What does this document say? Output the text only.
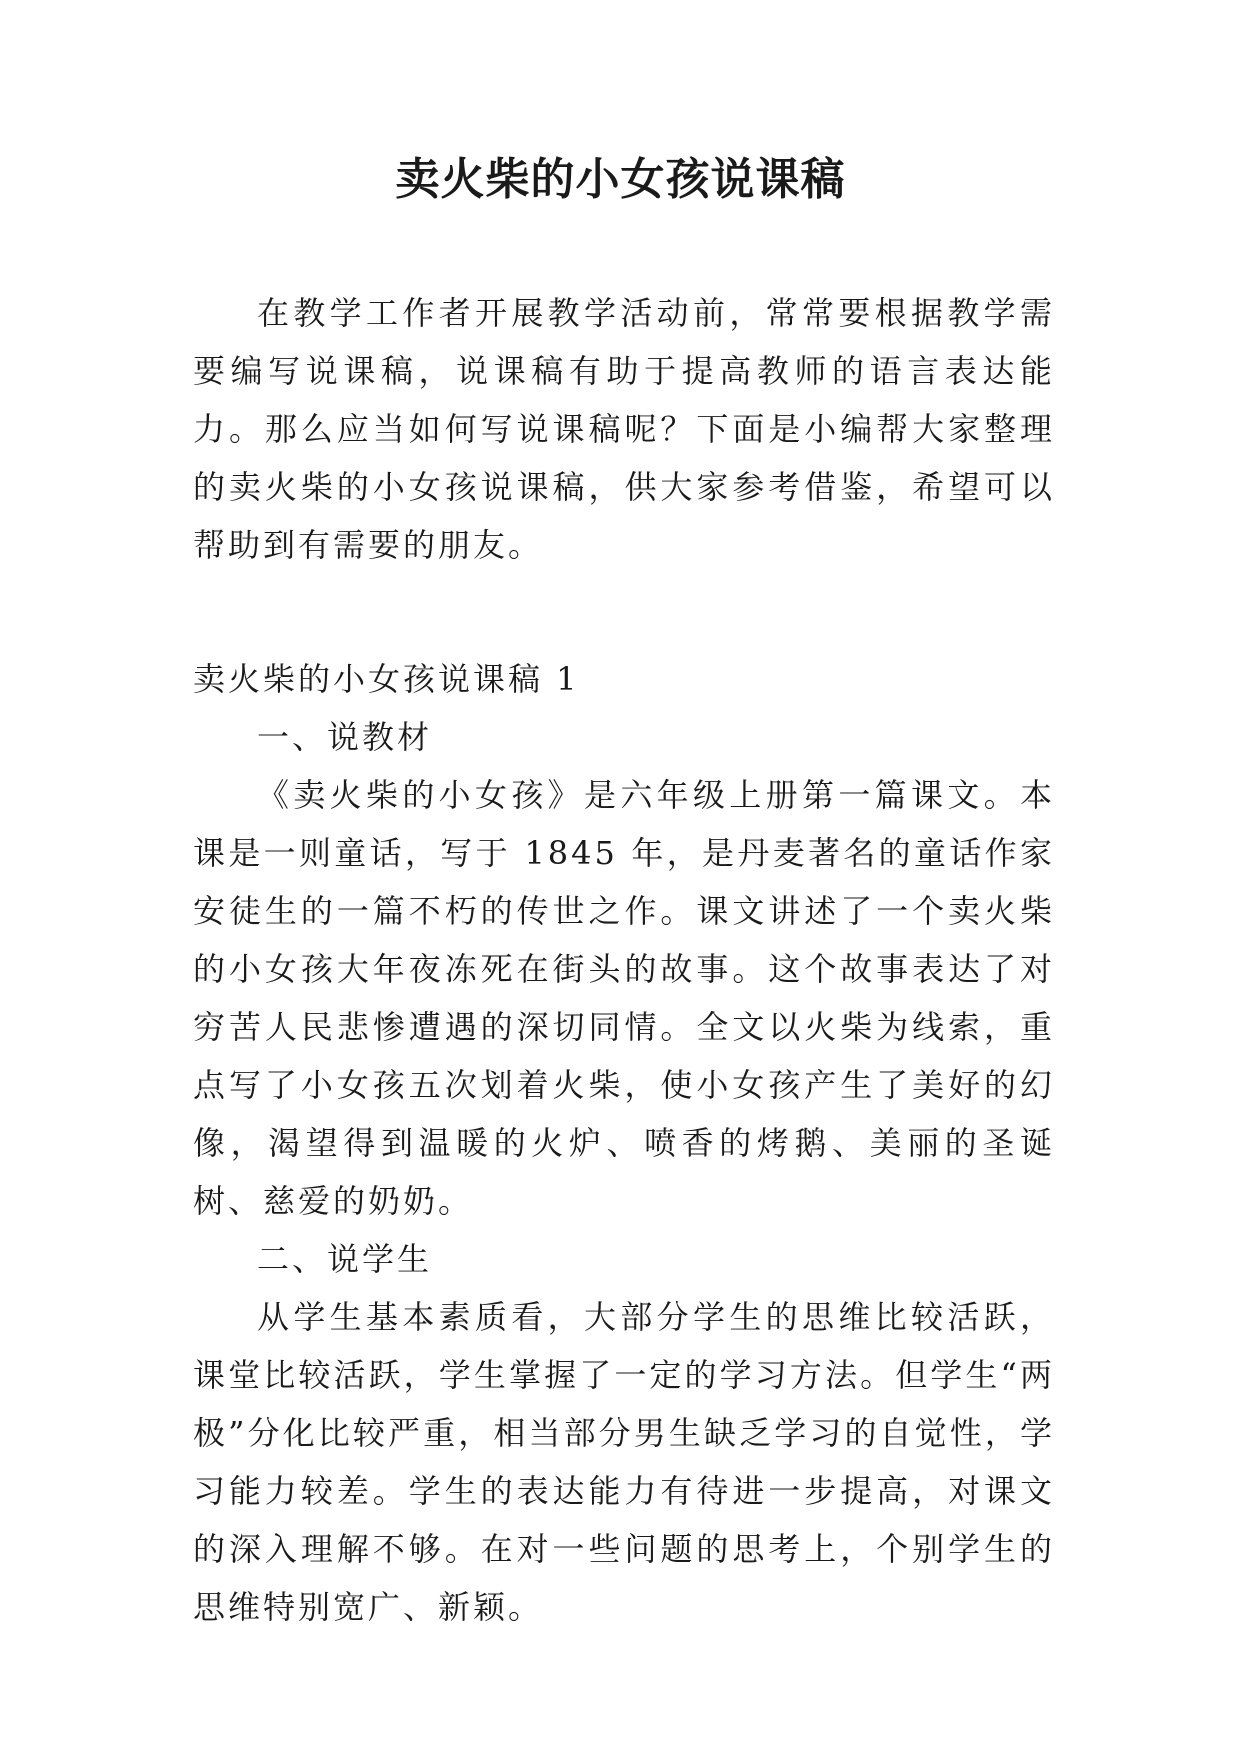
卖火柴的小女孩说课稿

在教学工作者开展教学活动前，常常要根据教学需要编写说课稿，说课稿有助于提高教师的语言表达能力。那么应当如何写说课稿呢？下面是小编帮大家整理的卖火柴的小女孩说课稿，供大家参考借鉴，希望可以帮助到有需要的朋友。

卖火柴的小女孩说课稿 1

一、说教材

《卖火柴的小女孩》是六年级上册第一篇课文。本课是一则童话，写于 1845 年，是丹麦著名的童话作家安徒生的一篇不朽的传世之作。课文讲述了一个卖火柴的小女孩大年夜冻死在街头的故事。这个故事表达了对穷苦人民悲惨遭遇的深切同情。全文以火柴为线索，重点写了小女孩五次划着火柴，使小女孩产生了美好的幻像，渴望得到温暖的火炉、喷香的烤鹅、美丽的圣诞树、慈爱的奶奶。

二、说学生

从学生基本素质看，大部分学生的思维比较活跃，课堂比较活跃，学生掌握了一定的学习方法。但学生“两极”分化比较严重，相当部分男生缺乏学习的自觉性，学习能力较差。学生的表达能力有待进一步提高，对课文的深入理解不够。在对一些问题的思考上，个别学生的思维特别宽广、新颖。
